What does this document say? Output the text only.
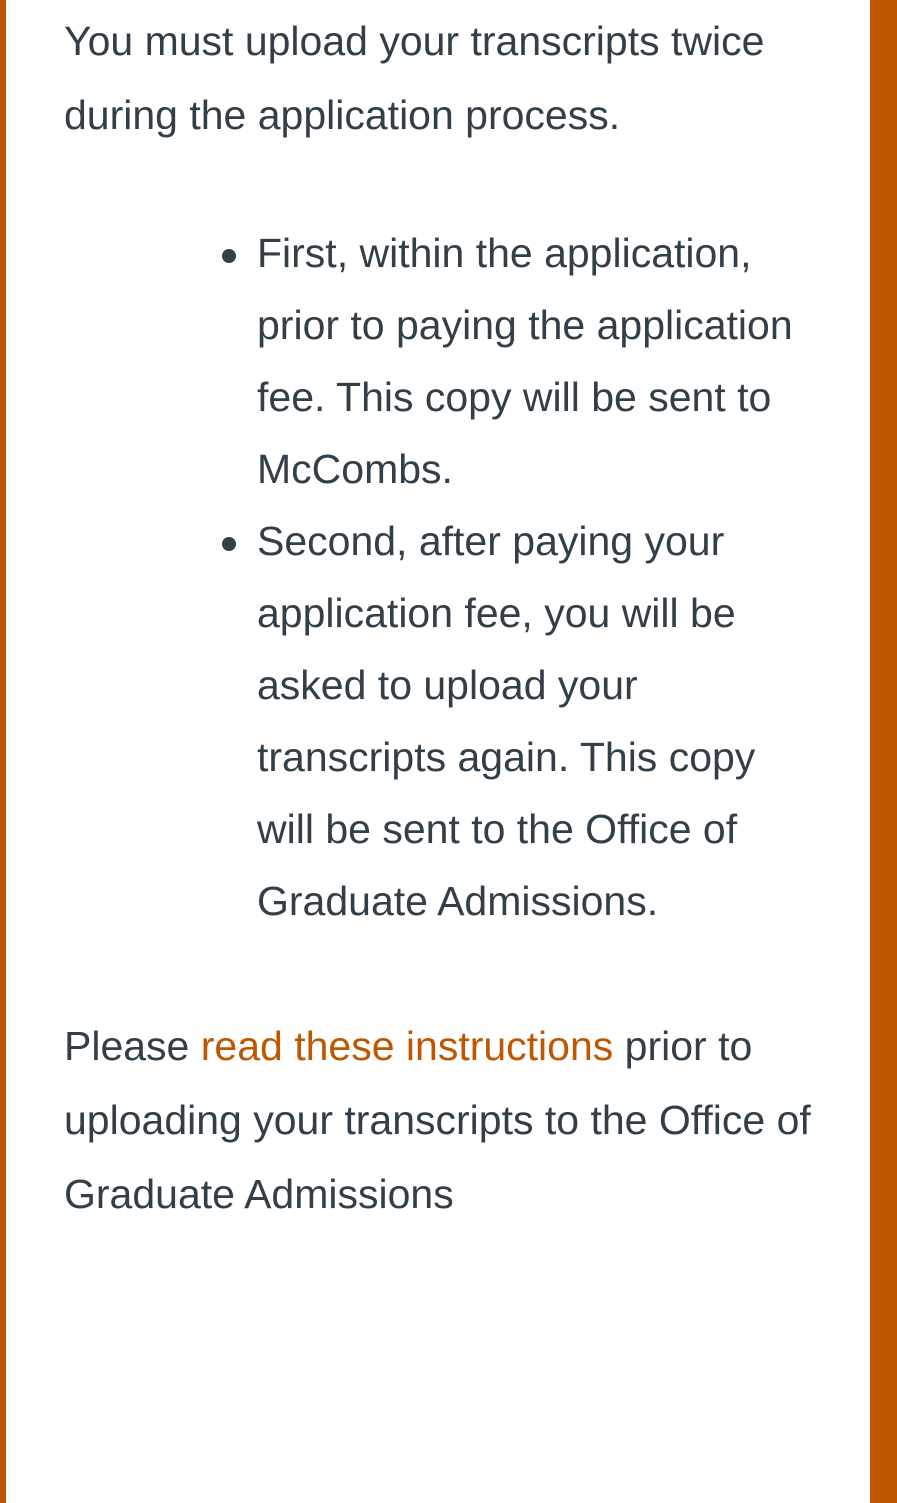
You must upload your transcripts twice during the application process.

First, within the application, prior to paying the application fee. This copy will be sent to McCombs.
Second, after paying your application fee, you will be asked to upload your transcripts again. This copy will be sent to the Office of Graduate Admissions.

Please read these instructions prior to uploading your transcripts to the Office of Graduate Admissions
